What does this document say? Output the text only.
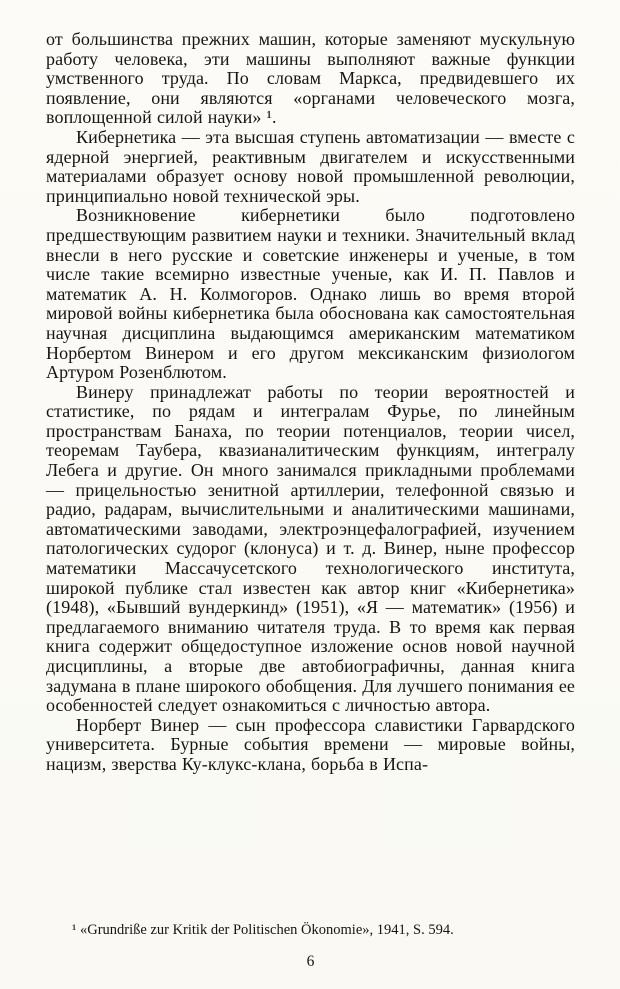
от большинства прежних машин, которые заменяют мускульную работу человека, эти машины выполняют важные функции умственного труда. По словам Маркса, предвидевшего их появление, они являются «органами человеческого мозга, воплощенной силой науки» ¹.

Кибернетика — эта высшая ступень автоматизации — вместе с ядерной энергией, реактивным двигателем и искусственными материалами образует основу новой промышленной революции, принципиально новой технической эры.

Возникновение кибернетики было подготовлено предшествующим развитием науки и техники. Значительный вклад внесли в него русские и советские инженеры и ученые, в том числе такие всемирно известные ученые, как И. П. Павлов и математик А. Н. Колмогоров. Однако лишь во время второй мировой войны кибернетика была обоснована как самостоятельная научная дисциплина выдающимся американским математиком Норбертом Винером и его другом мексиканским физиологом Артуром Розенблютом.

Винеру принадлежат работы по теории вероятностей и статистике, по рядам и интегралам Фурье, по линейным пространствам Банаха, по теории потенциалов, теории чисел, теоремам Таубера, квазианалитическим функциям, интегралу Лебега и другие. Он много занимался прикладными проблемами — прицельностью зенитной артиллерии, телефонной связью и радио, радарам, вычислительными и аналитическими машинами, автоматическими заводами, электроэнцефалографией, изучением патологических судорог (клонуса) и т. д. Винер, ныне профессор математики Массачусетского технологического института, широкой публике стал известен как автор книг «Кибернетика» (1948), «Бывший вундеркинд» (1951), «Я — математик» (1956) и предлагаемого вниманию читателя труда. В то время как первая книга содержит общедоступное изложение основ новой научной дисциплины, а вторые две автобиографичны, данная книга задумана в плане широкого обобщения. Для лучшего понимания ее особенностей следует ознакомиться с личностью автора.

Норберт Винер — сын профессора славистики Гарвардского университета. Бурные события времени — мировые войны, нацизм, зверства Ку-клукс-клана, борьба в Испа-

¹ «Grundriße zur Kritik der Politischen Ökonomie», 1941, S. 594.

6
